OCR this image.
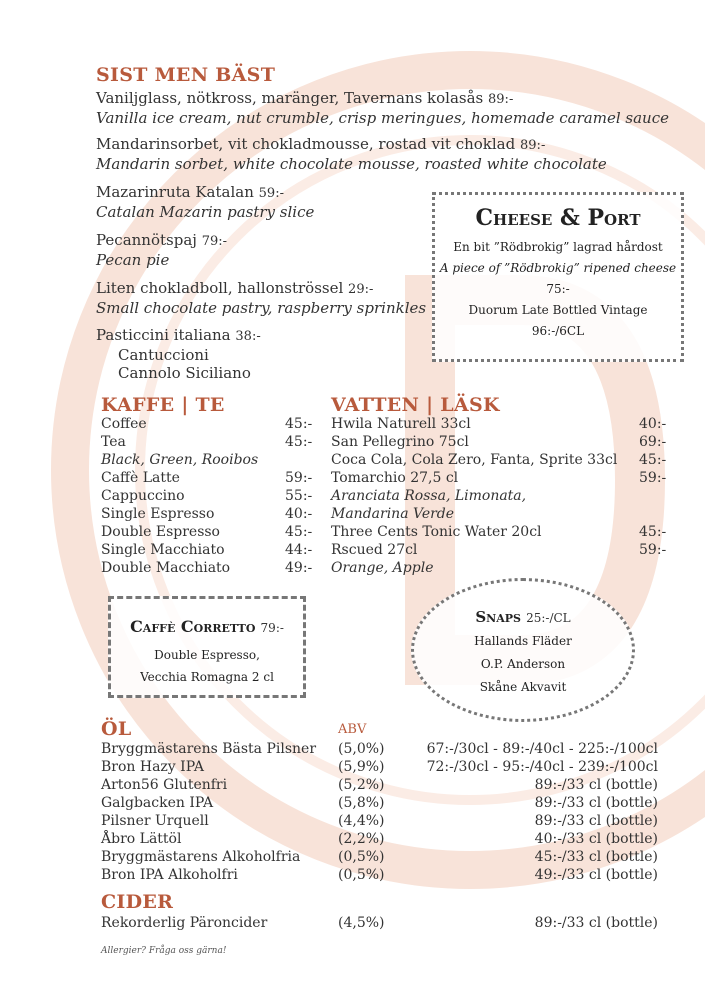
SIST MEN BÄST
Vaniljglass, nötkross, maränger, Tavernans kolasås 89:-
Vanilla ice cream, nut crumble, crisp meringues, homemade caramel sauce
Mandarinsorbet, vit chokladmousse, rostad vit choklad 89:-
Mandarin sorbet, white chocolate mousse, roasted white chocolate
Mazarinruta Katalan 59:-
Catalan Mazarin pastry slice
Pecannötspaj 79:-
Pecan pie
Liten chokladboll, hallonströssel 29:-
Small chocolate pastry, raspberry sprinkles
Pasticcini italiana 38:-
Cantuccioni
Cannolo Siciliano
Cheese & Port
En bit ”Rödbrokig” lagrad hårdost
A piece of ”Rödbrokig” ripened cheese
75:-
Duorum Late Bottled Vintage
96:-/6CL
KAFFE | TE
Coffee	45:-
Tea	45:-
Black, Green, Rooibos
Caffè Latte	59:-
Cappuccino	55:-
Single Espresso	40:-
Double Espresso	45:-
Single Macchiato	44:-
Double Macchiato	49:-
VATTEN | LÄSK
Hwila Naturell 33cl	40:-
San Pellegrino 75cl	69:-
Coca Cola, Cola Zero, Fanta, Sprite 33cl 45:-
Tomarchio 27,5 cl	59:-
Aranciata Rossa, Limonata,
Mandarina Verde
Three Cents Tonic Water 20cl	45:-
Rscued 27cl	59:-
Orange, Apple
Caffè Corretto 79:-
Double Espresso,
Vecchia Romagna 2 cl
Snaps 25:-/CL
Hallands Fläder
O.P. Anderson
Skåne Akvavit
ÖL	ABV
Bryggmästarens Bästa Pilsner (5,0%)	67:-/30cl - 89:-/40cl - 225:-/100cl
Bron Hazy IPA	(5,9%)	72:-/30cl - 95:-/40cl - 239:-/100cl
Arton56 Glutenfri	(5,2%)	89:-/33 cl (bottle)
Galgbacken IPA	(5,8%)	89:-/33 cl (bottle)
Pilsner Urquell	(4,4%)	89:-/33 cl (bottle)
Åbro Lättöl	(2,2%)	40:-/33 cl (bottle)
Bryggmästarens Alkoholfria	(0,5%)	45:-/33 cl (bottle)
Bron IPA Alkoholfri	(0,5%)	49:-/33 cl (bottle)
CIDER
Rekorderlig Päroncider	(4,5%)	89:-/33 cl (bottle)
Allergier? Fråga oss gärna!
